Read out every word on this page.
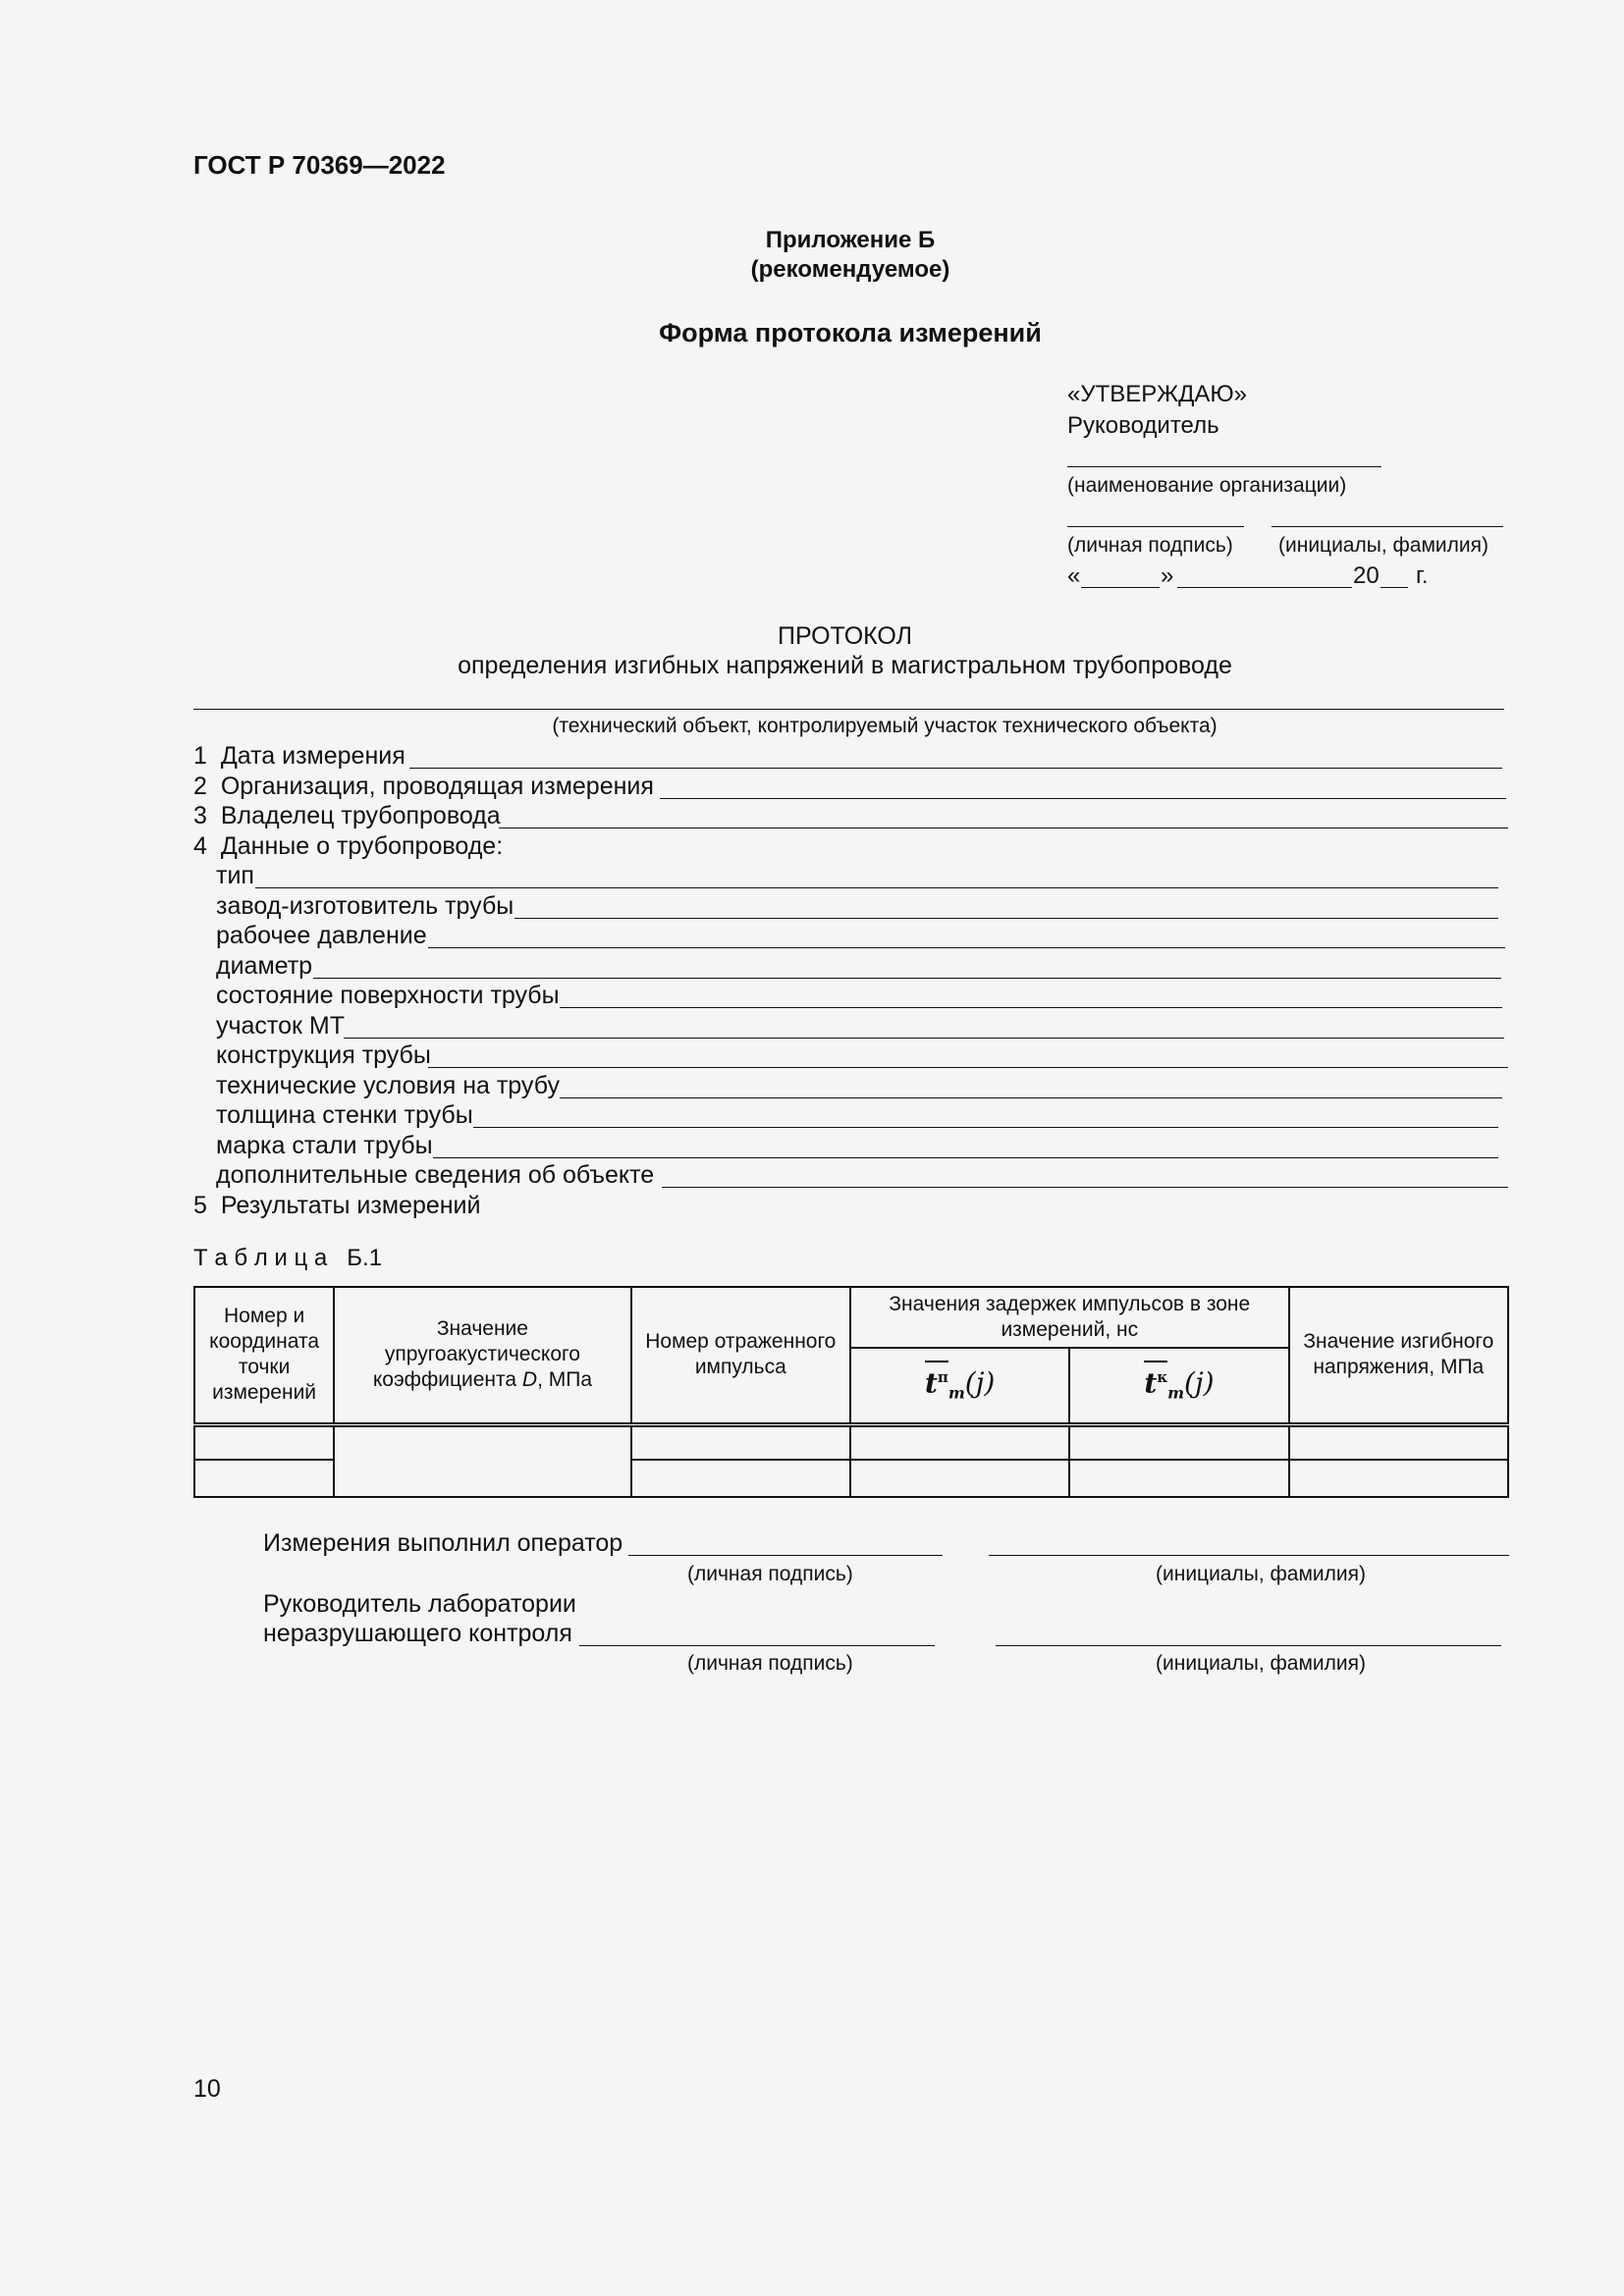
ГОСТ Р 70369—2022
Приложение Б
(рекомендуемое)
Форма протокола измерений
«УТВЕРЖДАЮ»
Руководитель
(наименование организации)
(личная подпись) (инициалы, фамилия)
«	»	20 г.
ПРОТОКОЛ
определения изгибных напряжений в магистральном трубопроводе
(технический объект, контролируемый участок технического объекта)
1 Дата измерения
2 Организация, проводящая измерения
3 Владелец трубопровода
4 Данные о трубопроводе:
тип
завод-изготовитель трубы
рабочее давление
диаметр
состояние поверхности трубы
участок МТ
конструкция трубы
технические условия на трубу
толщина стенки трубы
марка стали трубы
дополнительные сведения об объекте
5 Результаты измерений
Т а б л и ц а   Б.1
Номер и координата точки измерений	Значение упругоакустического коэффициента D, МПа	Номер отраженного импульса	Значения задержек импульсов в зоне измерений, нс		Значение изгибного напряжения, МПа
			$t^п_m(j)$	$t^к_m(j)$	

Измерения выполнил оператор
(личная подпись)	(инициалы, фамилия)
Руководитель лаборатории
неразрушающего контроля
(личная подпись)	(инициалы, фамилия)
10
